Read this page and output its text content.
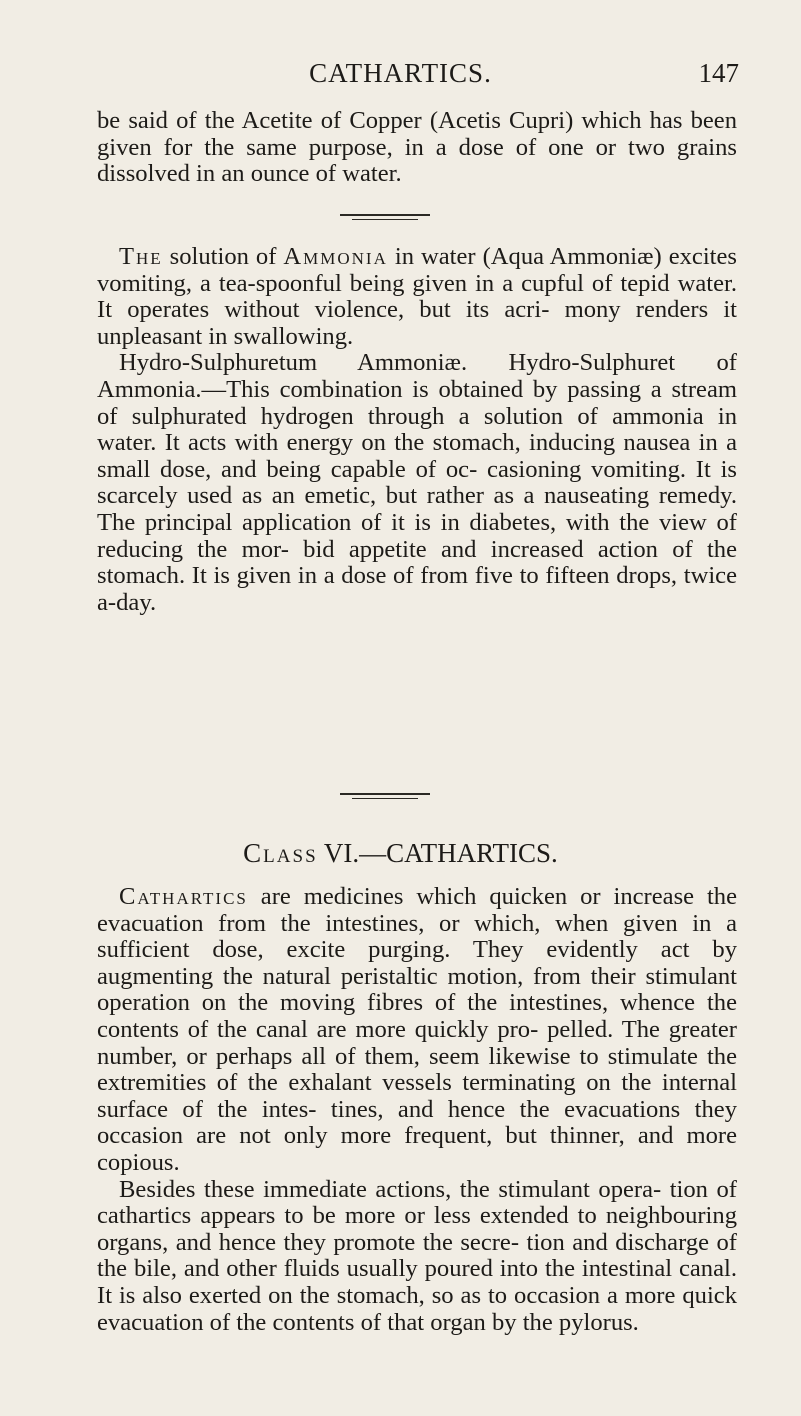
CATHARTICS.	147

be said of the Acetite of Copper (Acetis Cupri) which has been given for the same purpose, in a dose of one or two grains dissolved in an ounce of water.

The solution of Ammonia in water (Aqua Ammoniæ) excites vomiting, a tea-spoonful being given in a cupful of tepid water. It operates without violence, but its acri- mony renders it unpleasant in swallowing.

Hydro-Sulphuretum Ammoniæ. Hydro-Sulphuret of Ammonia.—This combination is obtained by passing a stream of sulphurated hydrogen through a solution of ammonia in water. It acts with energy on the stomach, inducing nausea in a small dose, and being capable of oc- casioning vomiting. It is scarcely used as an emetic, but rather as a nauseating remedy. The principal application of it is in diabetes, with the view of reducing the mor- bid appetite and increased action of the stomach. It is given in a dose of from five to fifteen drops, twice a-day.

Class VI.—CATHARTICS.

Cathartics are medicines which quicken or increase the evacuation from the intestines, or which, when given in a sufficient dose, excite purging. They evidently act by augmenting the natural peristaltic motion, from their stimulant operation on the moving fibres of the intestines, whence the contents of the canal are more quickly pro- pelled. The greater number, or perhaps all of them, seem likewise to stimulate the extremities of the exhalant vessels terminating on the internal surface of the intes- tines, and hence the evacuations they occasion are not only more frequent, but thinner, and more copious.

Besides these immediate actions, the stimulant opera- tion of cathartics appears to be more or less extended to neighbouring organs, and hence they promote the secre- tion and discharge of the bile, and other fluids usually poured into the intestinal canal. It is also exerted on the stomach, so as to occasion a more quick evacuation of the contents of that organ by the pylorus.
